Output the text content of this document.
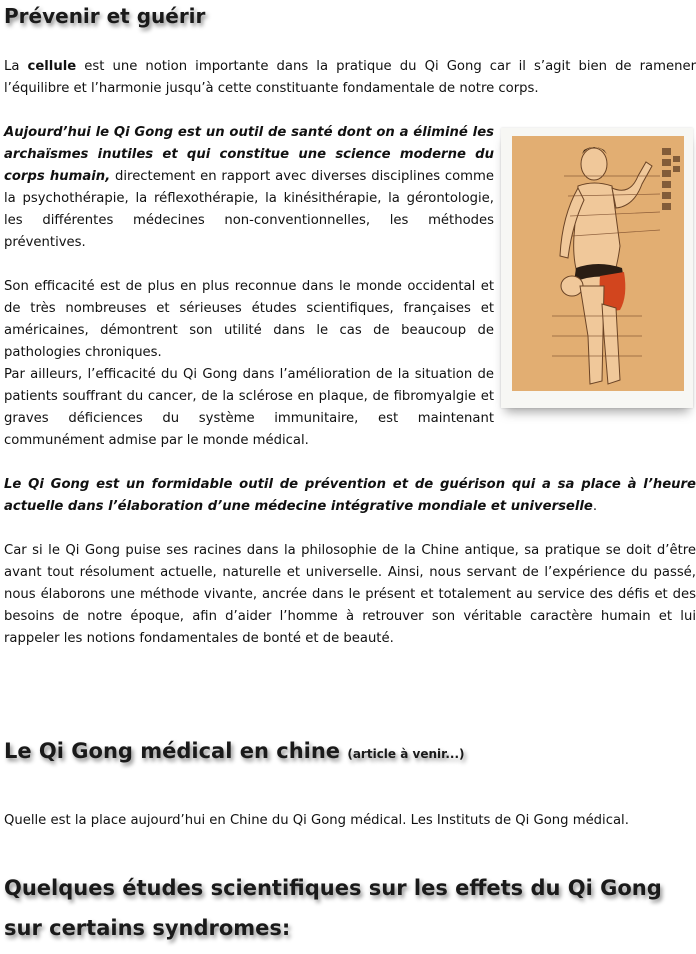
Prévenir et guérir

La cellule est une notion importante dans la pratique du Qi Gong car il s’agit bien de ramener l’équilibre et l’harmonie jusqu’à cette constituante fondamentale de notre corps.

Aujourd’hui le Qi Gong est un outil de santé dont on a éliminé les archaïsmes inutiles et qui constitue une science moderne du corps humain, directement en rapport avec diverses disciplines comme la psychothérapie, la réflexothérapie, la kinésithérapie, la gérontologie, les différentes médecines non-conventionnelles, les méthodes préventives.

Son efficacité est de plus en plus reconnue dans le monde occidental et de très nombreuses et sérieuses études scientifiques, françaises et américaines, démontrent son utilité dans le cas de beaucoup de pathologies chroniques.
Par ailleurs, l’efficacité du Qi Gong dans l’amélioration de la situation de patients souffrant du cancer, de la sclérose en plaque, de fibromyalgie et graves déficiences du système immunitaire, est maintenant communément admise par le monde médical.

Le Qi Gong est un formidable outil de prévention et de guérison qui a sa place à l’heure actuelle dans l’élaboration d’une médecine intégrative mondiale et universelle.

Car si le Qi Gong puise ses racines dans la philosophie de la Chine antique, sa pratique se doit d’être avant tout résolument actuelle, naturelle et universelle. Ainsi, nous servant de l’expérience du passé, nous élaborons une méthode vivante, ancrée dans le présent et totalement au service des défis et des besoins de notre époque, afin d’aider l’homme à retrouver son véritable caractère humain et lui rappeler les notions fondamentales de bonté et de beauté.

Le Qi Gong médical en chine (article à venir...)

Quelle est la place aujourd’hui en Chine du Qi Gong médical. Les Instituts de Qi Gong médical.

Quelques études scientifiques sur les effets du Qi Gong sur certains syndromes:
